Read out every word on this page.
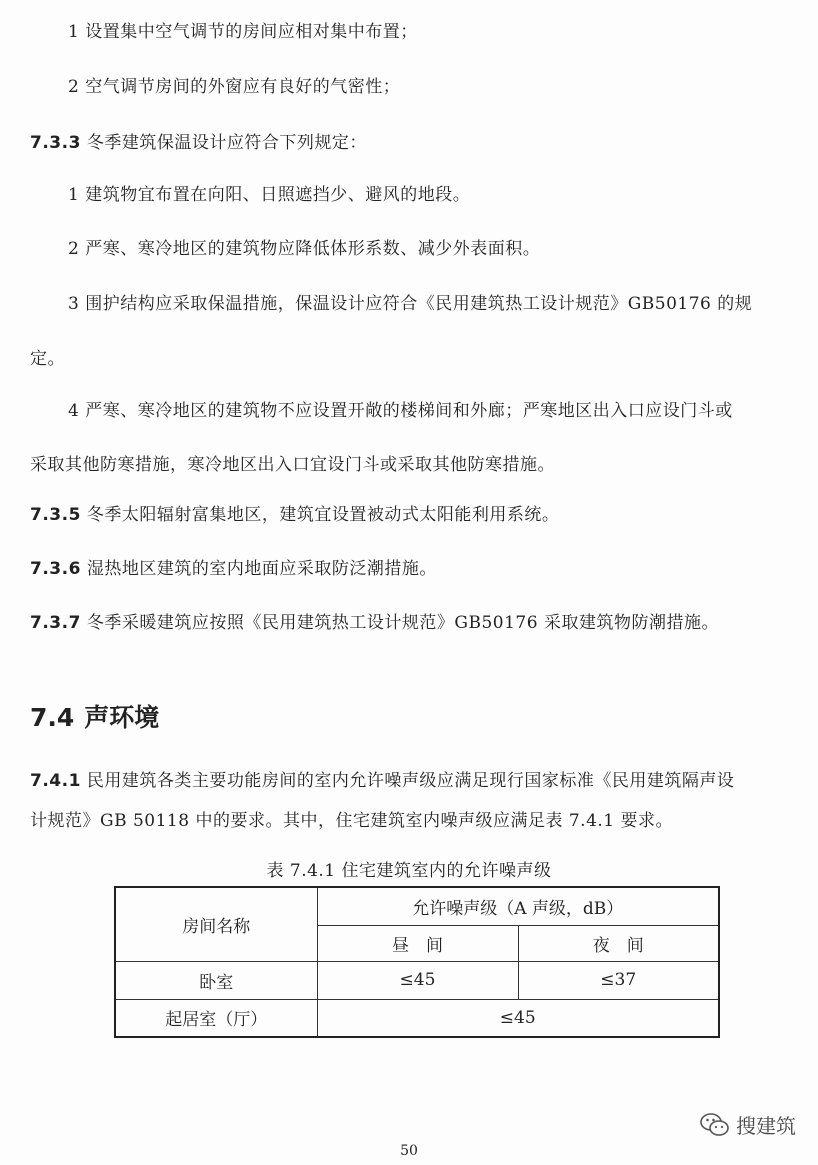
1 设置集中空气调节的房间应相对集中布置；
2 空气调节房间的外窗应有良好的气密性；
7.3.3 冬季建筑保温设计应符合下列规定：
1 建筑物宜布置在向阳、日照遮挡少、避风的地段。
2 严寒、寒冷地区的建筑物应降低体形系数、减少外表面积。
3 围护结构应采取保温措施，保温设计应符合《民用建筑热工设计规范》GB50176 的规
定。
4 严寒、寒冷地区的建筑物不应设置开敞的楼梯间和外廊；严寒地区出入口应设门斗或
采取其他防寒措施，寒冷地区出入口宜设门斗或采取其他防寒措施。
7.3.5 冬季太阳辐射富集地区，建筑宜设置被动式太阳能利用系统。
7.3.6 湿热地区建筑的室内地面应采取防泛潮措施。
7.3.7 冬季采暖建筑应按照《民用建筑热工设计规范》GB50176 采取建筑物防潮措施。
7.4 声环境
7.4.1 民用建筑各类主要功能房间的室内允许噪声级应满足现行国家标准《民用建筑隔声设
计规范》GB 50118 中的要求。其中，住宅建筑室内噪声级应满足表 7.4.1 要求。
表 7.4.1 住宅建筑室内的允许噪声级
房间名称	允许噪声级（A 声级，dB）	
	昼　间	夜　间
卧室	≤45	≤37
起居室（厅）	≤45	
搜建筑
50
